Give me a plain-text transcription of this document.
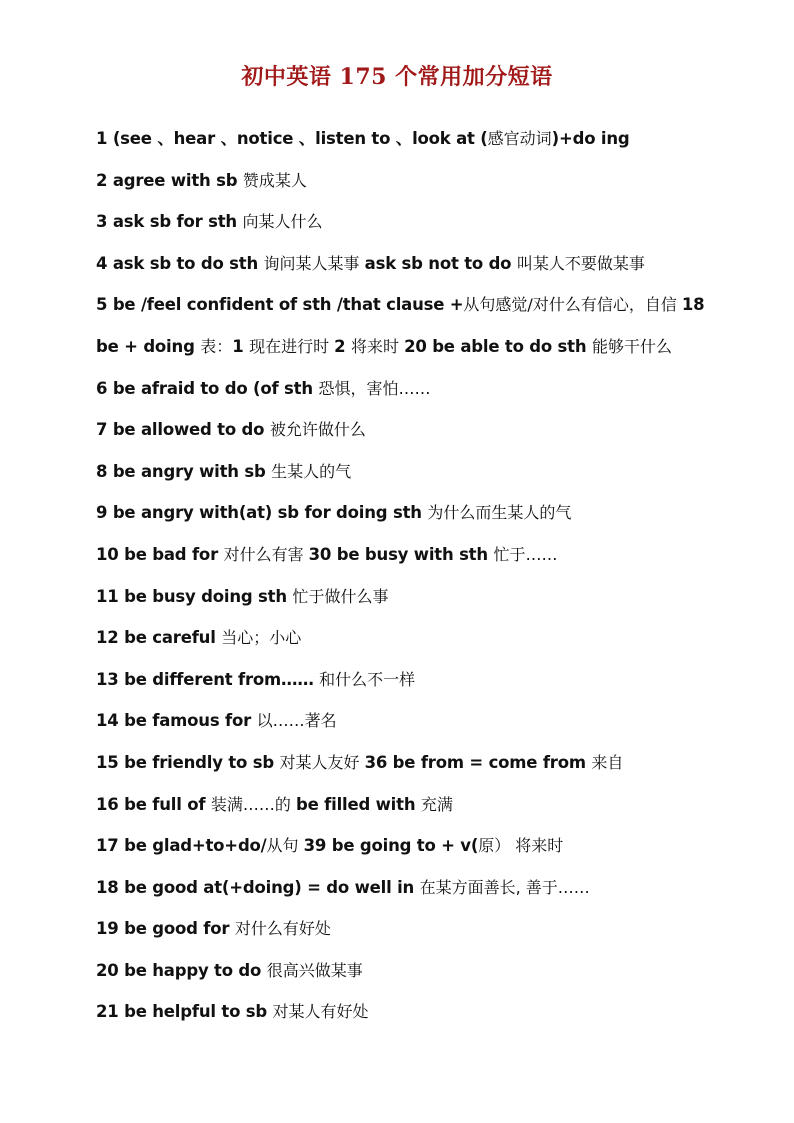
初中英语 175 个常用加分短语
1 (see 、hear 、notice 、listen to 、look at (感官动词)+do ing
2 agree with sb 赞成某人
3 ask sb for sth 向某人什么
4 ask sb to do sth 询问某人某事 ask sb not to do 叫某人不要做某事
5 be /feel confident of sth /that clause +从句感觉/对什么有信心，自信 18
be + doing 表：1 现在进行时 2 将来时 20 be able to do sth 能够干什么
6 be afraid to do (of sth 恐惧，害怕……
7 be allowed to do 被允许做什么
8 be angry with sb 生某人的气
9 be angry with(at) sb for doing sth 为什么而生某人的气
10 be bad for 对什么有害 30 be busy with sth 忙于……
11 be busy doing sth 忙于做什么事
12 be careful 当心；小心
13 be different from…… 和什么不一样
14 be famous for 以……著名
15 be friendly to sb 对某人友好 36 be from = come from 来自
16 be full of 装满……的 be filled with 充满
17 be glad+to+do/从句 39 be going to + v(原） 将来时
18 be good at(+doing) = do well in 在某方面善长, 善于……
19 be good for 对什么有好处
20 be happy to do 很高兴做某事
21 be helpful to sb 对某人有好处
